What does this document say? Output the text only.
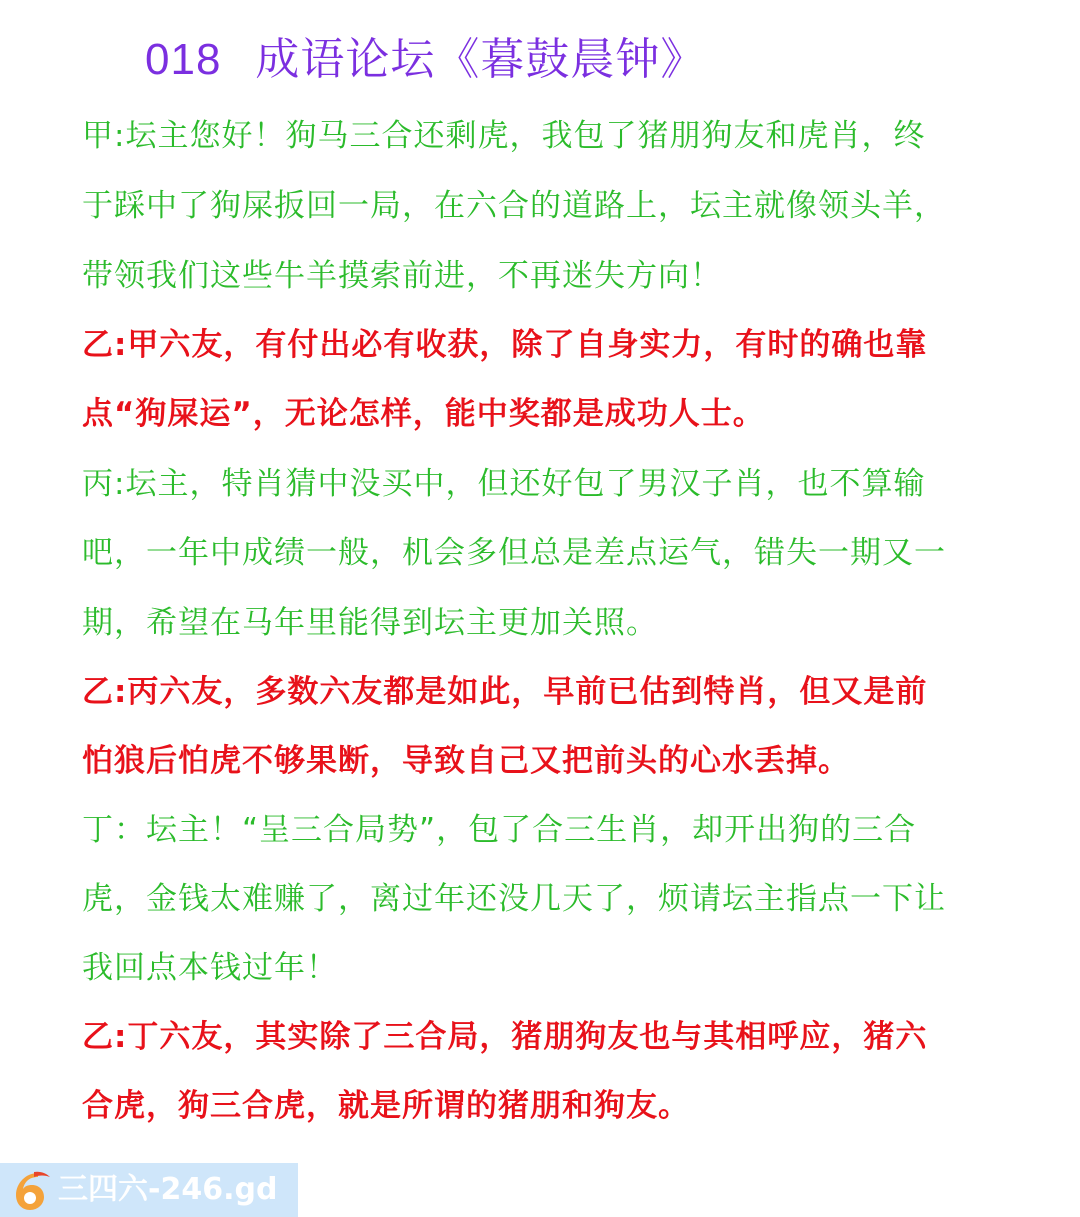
018 成语论坛《暮鼓晨钟》
甲:坛主您好！狗马三合还剩虎，我包了猪朋狗友和虎肖，终
于踩中了狗屎扳回一局，在六合的道路上，坛主就像领头羊，
带领我们这些牛羊摸索前进，不再迷失方向！
乙:甲六友，有付出必有收获，除了自身实力，有时的确也靠
点“狗屎运”，无论怎样，能中奖都是成功人士。
丙:坛主，特肖猜中没买中，但还好包了男汉子肖，也不算输
吧，一年中成绩一般，机会多但总是差点运气，错失一期又一
期，希望在马年里能得到坛主更加关照。
乙:丙六友，多数六友都是如此，早前已估到特肖，但又是前
怕狼后怕虎不够果断，导致自己又把前头的心水丢掉。
丁：坛主！“呈三合局势”，包了合三生肖，却开出狗的三合
虎，金钱太难赚了，离过年还没几天了，烦请坛主指点一下让
我回点本钱过年！
乙:丁六友，其实除了三合局，猪朋狗友也与其相呼应，猪六
合虎，狗三合虎，就是所谓的猪朋和狗友。
三四六-246.gd
